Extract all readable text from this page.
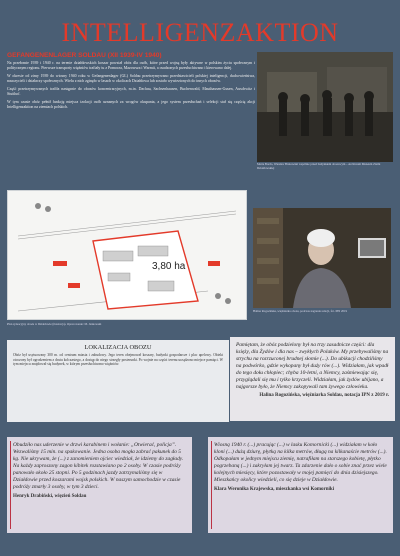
INTELLIGENZAKTION
GEFANGENENLAGER SOLDAU (XII 1939-IV 1940)

Na przełomie 1939 i 1940 r. na terenie działdowskich koszar powstał obóz dla osób, które przed wojną były aktywne w polskim życiu społecznym i politycznym regionu. Pierwsze transporty więźniów trafiały tu z Pomorza, Mazowsza i Warmii, a osadzonych przesłuchiwano i kierowano dalej.

W okresie od zimy 1939 do wiosny 1940 roku w Gefangenenlager (GL) Soldau przetrzymywano przedstawicieli polskiej inteligencji, duchowieństwa, nauczycieli i działaczy społecznych. Wielu z nich zginęło w lasach w okolicach Działdowa lub zostało wywiezionych do innych obozów.

Część przetrzymywanych trafiła następnie do obozów koncentracyjnych, m.in. Dachau, Sachsenhausen, Buchenwald, Mauthausen-Gusen, Auschwitz i Stutthof.

W tym czasie obóz pełnił funkcję miejsca izolacji osób uznanych za wrogów okupanta, a jego system przesłuchań i selekcji stał się częścią akcji Intelligenzaktion na ziemiach polskich.

Maria Bordo, Wiesław Brakowski wspólnie przed budynkiem obozowym – Archiwum Muzeum Ziemi Działdowskiej
3,80 ha
Plan sytuacyjny obozu w Działdowie (ilustracja). Opracowanie: M. Jankowski
Halina Rogozińska, więźniarka obozu, podczas nagrania relacji, fot. IPN 2019
LOKALIZACJA OBOZU

Obóz był usytuowany 300 m. od centrum miasta i zabudowy. Jego teren obejmował koszary, budynki gospodarcze i plac apelowy. Obiekt otoczony był ogrodzeniem z drutu kolczastego, a dostęp do niego strzegły posterunki. Po wojnie na części terenu urządzono miejsce pamięci. W tym miejscu znajdował się budynek, w którym przesłuchiwano więźniów.

Pamiętam, że obóz podzielony był na trzy zasadnicze części: dla księży, dla Żydów i dla nas – zwykłych Polaków. My przebywaliśmy na strychu na rozrzuconej brudnej słomie (...). Do ubikacji chodziliśmy na podwórko, gdzie wykopany był duży rów (...). Widziałam, jak wpadł do tego dołu chłopiec; chyba 10-letni, a Niemcy, zaśmiewając się, przyglądali się mu i tylko krzyczeli. Widziałam, jak żydów ubijano, a najgorsze było, że Niemcy zakopywali tam żywego człowieka.

Halina Rogozińska, więźniarka Soldau, notacja IPN z 2019 r.

Obudziło nas uderzenie w drzwi karabinem i wołanie: „Otwierać, policja”. Wezwaliśmy 15 min. na spakowanie. Jedna osoba mogła zabrać pakunek do 5 kg. Nie ukrywam, że (...) z zanomieniem ojciec wiedział, że idziemy do zagłady. Na każdy zaproszony zagon kibitek rozstawiano po 2 osoby. W czasie podróży panowało około 25 stopni. Po 5 godzinach jazdy zatrzymaliśmy się w Działdowie przed koszarami wojsk polskich. W naszym samochodzie w czasie podróży zmarły 3 osoby, w tym 3 dzieci.

Henryk Drabiński, więzień Soldau

Wiosną 1940 r. (...) pracując (...) w lasku Komornicki (...) widziałam w koło kloni (...) dużą dziurę, płytką na kilka metrów, długą na kilkanaście metrów (...). Odkopałam w jednym miejscu ziemię, natrafiłam na starszego kobietę, płytko pogrzebaną (...) i zakryłam jej twarz. Ta zdarzenie dało o sobie znać przez wiele kolejnych miesięcy, które pozostawały w mojej pamięci do dnia dzisiejszego. Mieszkańcy okolicy wiedzieli, co się dzieje w Działdowie.

Klara Weronika Krajewska, mieszkanka wsi Komorniki
